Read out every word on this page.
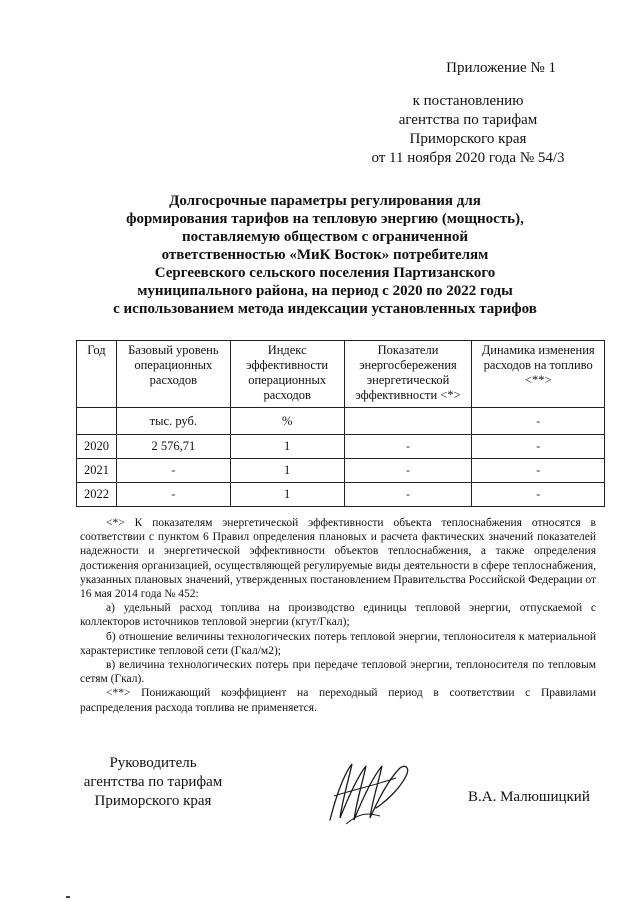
Приложение № 1
к постановлению
агентства по тарифам
Приморского края
от 11 ноября 2020 года № 54/3
Долгосрочные параметры регулирования для
формирования тарифов на тепловую энергию (мощность),
поставляемую обществом с ограниченной
ответственностью «МиК Восток» потребителям
Сергеевского сельского поселения Партизанского
муниципального района, на период с 2020 по 2022 годы
с использованием метода индексации установленных тарифов
Год	Базовый уровень операционных расходов	Индекс эффективности операционных расходов	Показатели энергосбережения энергетической эффективности <*>	Динамика изменения расходов на топливо <**>
	тыс. руб.	%		-
2020	2 576,71	1	-	-
2021	-	1	-	-
2022	-	1	-	-

<*> К показателям энергетической эффективности объекта теплоснабжения относятся в соответствии с пунктом 6 Правил определения плановых и расчета фактических значений показателей надежности и энергетической эффективности объектов теплоснабжения, а также определения достижения организацией, осуществляющей регулируемые виды деятельности в сфере теплоснабжения, указанных плановых значений, утвержденных постановлением Правительства Российской Федерации от 16 мая 2014 года № 452:

а) удельный расход топлива на производство единицы тепловой энергии, отпускаемой с коллекторов источников тепловой энергии (кгут/Гкал);

б) отношение величины технологических потерь тепловой энергии, теплоносителя к материальной характеристике тепловой сети (Гкал/м2);

в) величина технологических потерь при передаче тепловой энергии, теплоносителя по тепловым сетям (Гкал).

<**> Понижающий коэффициент на переходный период в соответствии с Правилами распределения расхода топлива не применяется.

Руководитель
агентства по тарифам
Приморского края	В.А. Малюшицкий
